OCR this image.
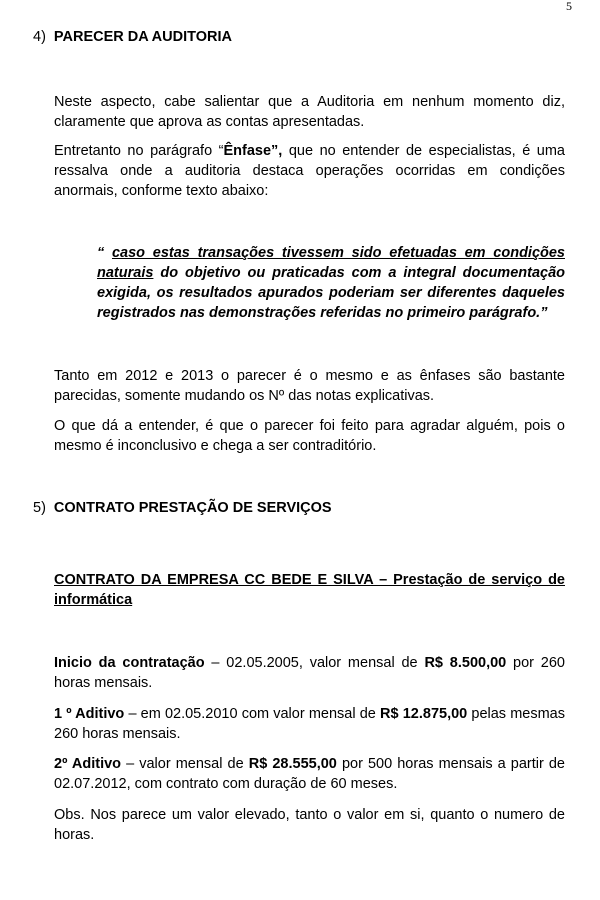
5
4) PARECER DA AUDITORIA
Neste aspecto, cabe salientar que a Auditoria em nenhum momento diz, claramente que aprova as contas apresentadas.
Entretanto no parágrafo “Ênfase”, que no entender de especialistas, é uma ressalva onde a auditoria destaca operações ocorridas em condições anormais, conforme texto abaixo:
“ caso estas transações tivessem sido efetuadas em condições naturais do objetivo ou praticadas com a integral documentação exigida, os resultados apurados poderiam ser diferentes daqueles registrados nas demonstrações referidas no primeiro parágrafo.”
Tanto em 2012 e 2013 o parecer é o mesmo e as ênfases são bastante parecidas, somente mudando os Nº das notas explicativas.
O que dá a entender, é que o parecer foi feito para agradar alguém, pois o mesmo é inconclusivo e chega a ser contraditório.
5) CONTRATO PRESTAÇÃO DE SERVIÇOS
CONTRATO DA EMPRESA CC BEDE E SILVA – Prestação de serviço de informática
Inicio da contratação – 02.05.2005, valor mensal de R$ 8.500,00 por 260 horas mensais.
1 º Aditivo – em 02.05.2010 com valor mensal de R$ 12.875,00 pelas mesmas 260 horas mensais.
2º Aditivo – valor mensal de R$ 28.555,00 por 500 horas mensais a partir de 02.07.2012, com contrato com duração de 60 meses.
Obs. Nos parece um valor elevado, tanto o valor em si, quanto o numero de horas.
